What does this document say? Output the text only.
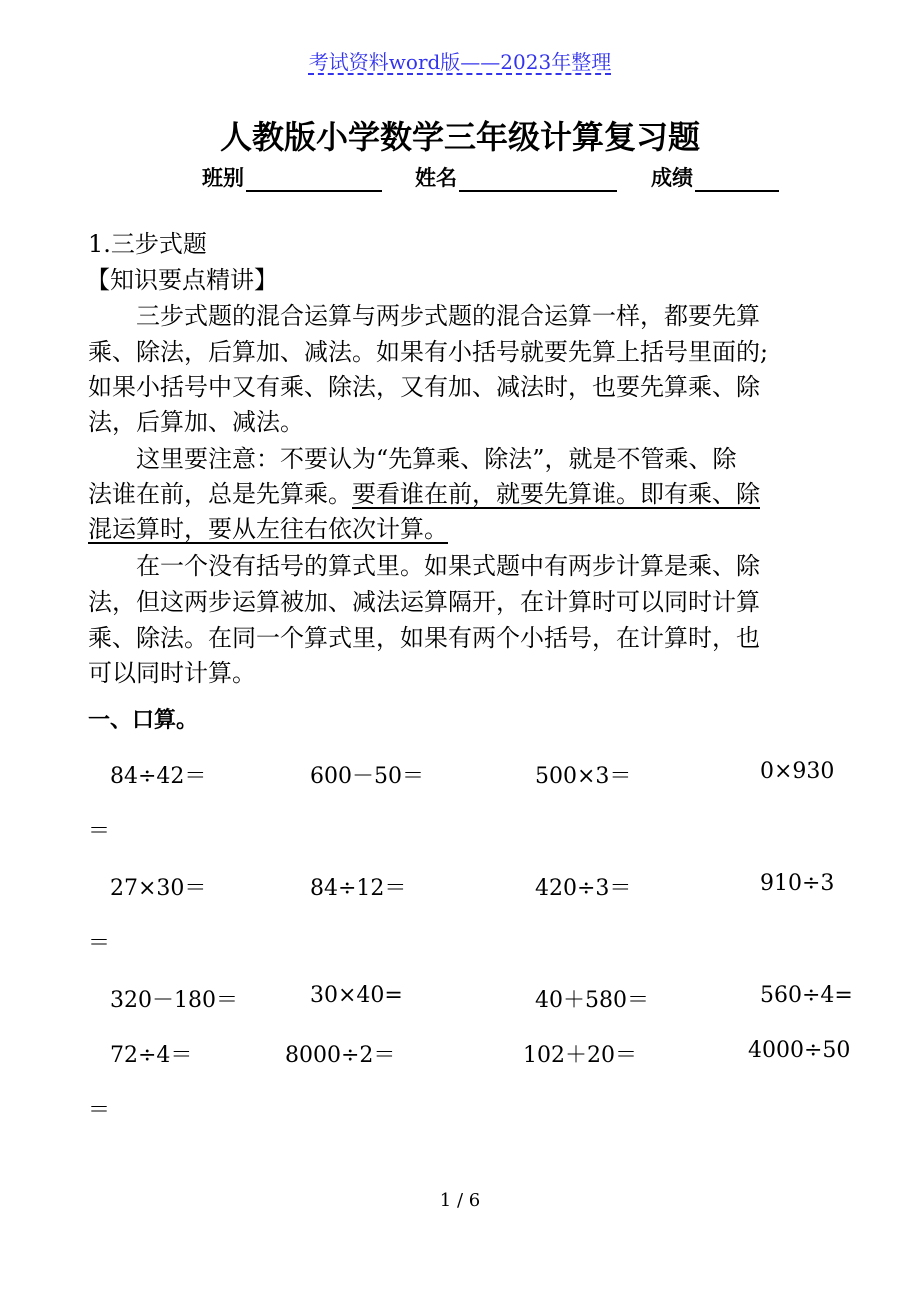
考试资料word版——2023年整理
人教版小学数学三年级计算复习题
班别	姓名	成绩
1.三步式题
【知识要点精讲】
三步式题的混合运算与两步式题的混合运算一样，都要先算
乘、除法，后算加、减法。如果有小括号就要先算上括号里面的;
如果小括号中又有乘、除法，又有加、减法时，也要先算乘、除
法，后算加、减法。
这里要注意：不要认为“先算乘、除法”，就是不管乘、除
法谁在前，总是先算乘。要看谁在前，就要先算谁。即有乘、除
混运算时，要从左往右依次计算。
在一个没有括号的算式里。如果式题中有两步计算是乘、除
法，但这两步运算被加、减法运算隔开，在计算时可以同时计算
乘、除法。在同一个算式里，如果有两个小括号，在计算时，也
可以同时计算。
一、口算。
84÷42＝	600－50＝	500×3＝	0×930
＝
27×30＝	84÷12＝	420÷3＝	910÷3
＝
320－180＝	30×40=	40＋580＝	560÷4=
72÷4＝	8000÷2＝	102＋20＝	4000÷50
＝
1 / 6
